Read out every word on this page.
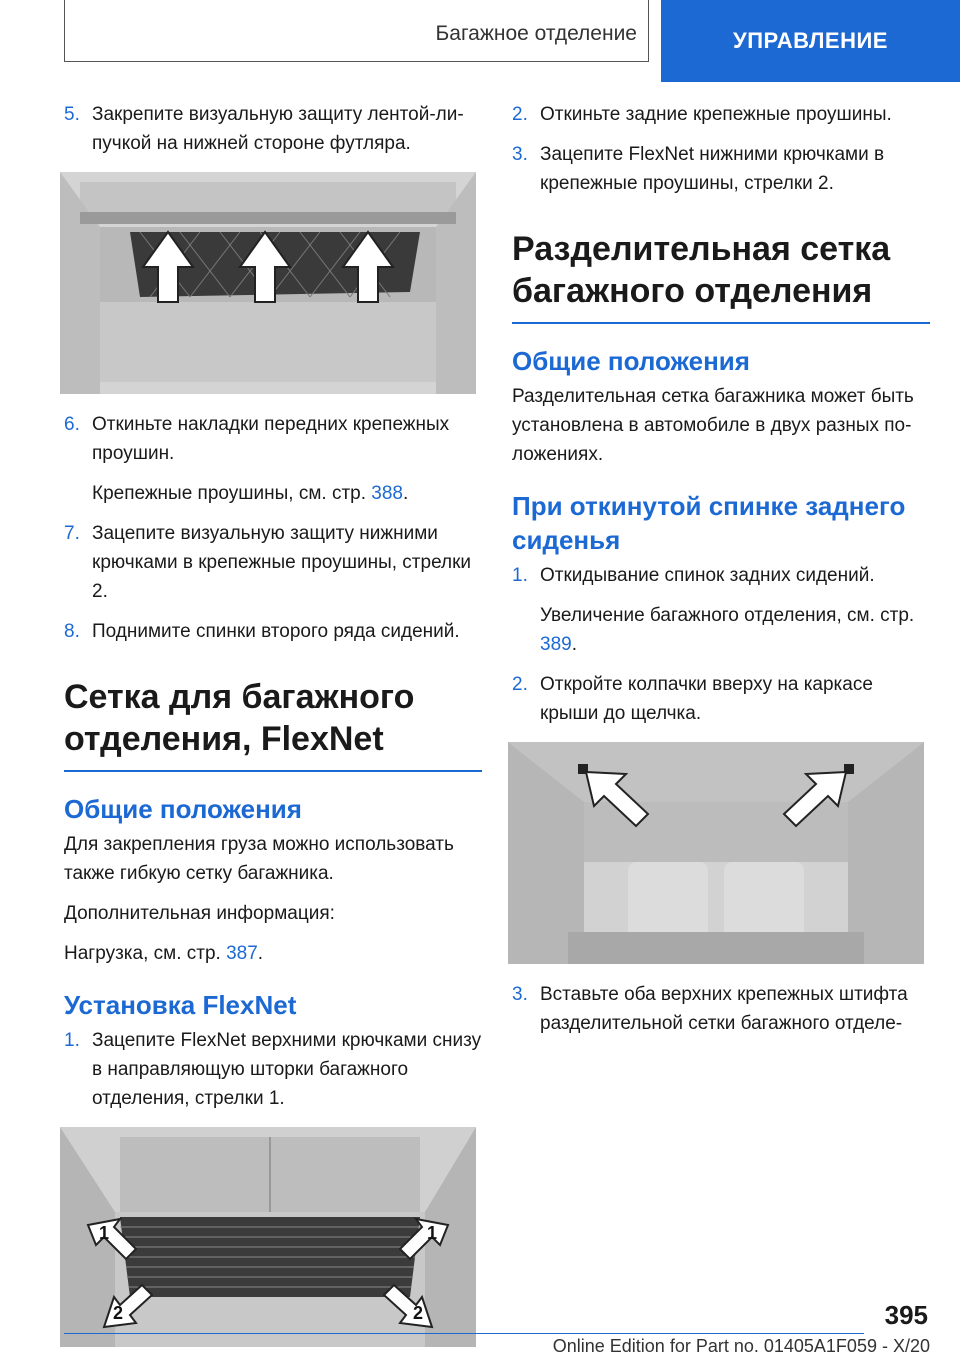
Багажное отделение	УПРАВЛЕНИЕ
5. Закрепите визуальную защиту лентой-ли‐пучкой на нижней стороне футляра.
6. Откиньте накладки передних крепежных проушин.
Крепежные проушины, см. стр. 388.
7. Зацепите визуальную защиту нижними крючками в крепежные проушины, стрелки 2.
8. Поднимите спинки второго ряда сидений.
Сетка для багажного отделения, FlexNet
Общие положения
Для закрепления груза можно использовать также гибкую сетку багажника.
Дополнительная информация:
Нагрузка, см. стр. 387.
Установка FlexNet
1. Зацепите FlexNet верхними крючками снизу в направляющую шторки багажного отделения, стрелки 1.
1	1
2	2
2. Откиньте задние крепежные проушины.
3. Зацепите FlexNet нижними крючками в крепежные проушины, стрелки 2.
Разделительная сетка багажного отделения
Общие положения
Разделительная сетка багажника может быть установлена в автомобиле в двух разных по‐ложениях.
При откинутой спинке заднего сиденья
1. Откидывание спинок задних сидений.
Увеличение багажного отделения, см. стр. 389.
2. Откройте колпачки вверху на каркасе крыши до щелчка.
3. Вставьте оба верхних крепежных штифта разделительной сетки багажного отделе‐
395
Online Edition for Part no. 01405A1F059 - X/20
